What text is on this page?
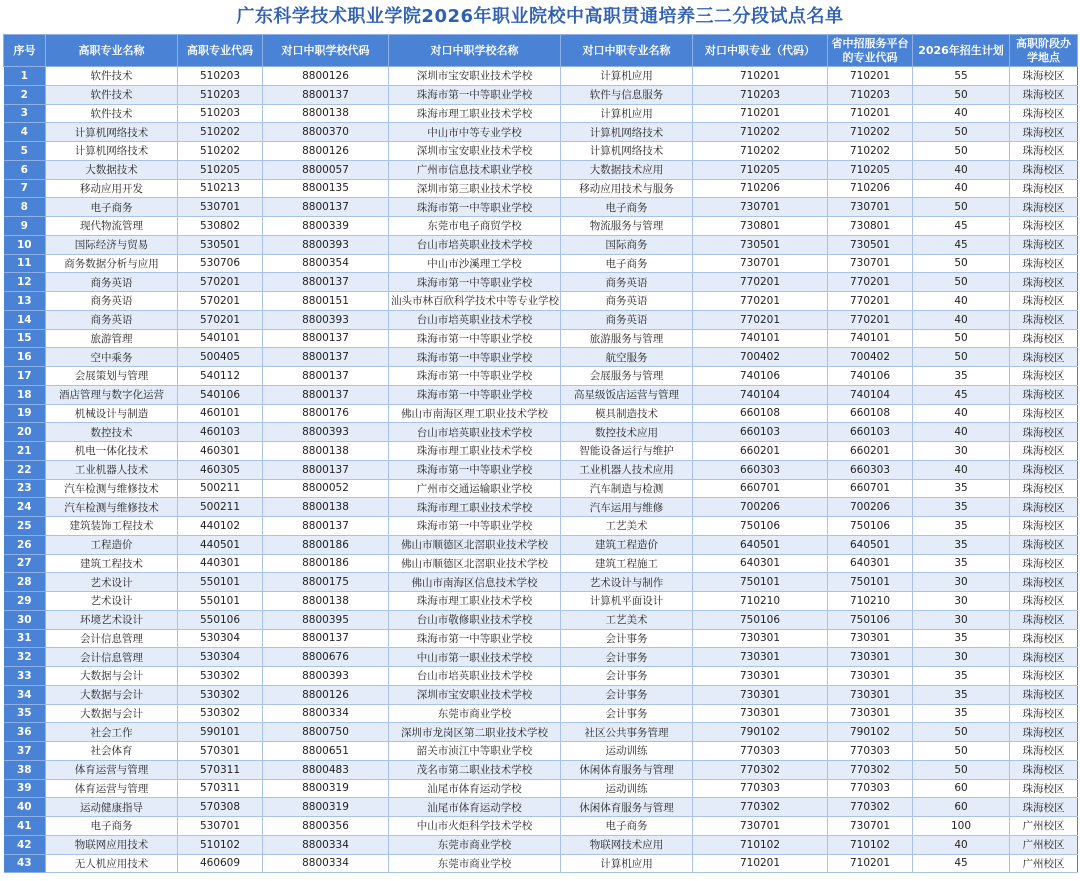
广东科学技术职业学院2026年职业院校中高职贯通培养三二分段试点名单
序号	高职专业名称	高职专业代码	对口中职学校代码	对口中职学校名称	对口中职专业名称	对口中职专业（代码）	省中招服务平台的专业代码	2026年招生计划	高职阶段办学地点
1	软件技术	510203	8800126	深圳市宝安职业技术学校	计算机应用	710201	710201	55	珠海校区
2	软件技术	510203	8800137	珠海市第一中等职业学校	软件与信息服务	710203	710203	50	珠海校区
3	软件技术	510203	8800138	珠海市理工职业技术学校	计算机应用	710201	710201	40	珠海校区
4	计算机网络技术	510202	8800370	中山市中等专业学校	计算机网络技术	710202	710202	50	珠海校区
5	计算机网络技术	510202	8800126	深圳市宝安职业技术学校	计算机网络技术	710202	710202	50	珠海校区
6	大数据技术	510205	8800057	广州市信息技术职业学校	大数据技术应用	710205	710205	40	珠海校区
7	移动应用开发	510213	8800135	深圳市第三职业技术学校	移动应用技术与服务	710206	710206	40	珠海校区
8	电子商务	530701	8800137	珠海市第一中等职业学校	电子商务	730701	730701	50	珠海校区
9	现代物流管理	530802	8800339	东莞市电子商贸学校	物流服务与管理	730801	730801	45	珠海校区
10	国际经济与贸易	530501	8800393	台山市培英职业技术学校	国际商务	730501	730501	45	珠海校区
11	商务数据分析与应用	530706	8800354	中山市沙溪理工学校	电子商务	730701	730701	50	珠海校区
12	商务英语	570201	8800137	珠海市第一中等职业学校	商务英语	770201	770201	50	珠海校区
13	商务英语	570201	8800151	汕头市林百欣科学技术中等专业学校	商务英语	770201	770201	40	珠海校区
14	商务英语	570201	8800393	台山市培英职业技术学校	商务英语	770201	770201	40	珠海校区
15	旅游管理	540101	8800137	珠海市第一中等职业学校	旅游服务与管理	740101	740101	50	珠海校区
16	空中乘务	500405	8800137	珠海市第一中等职业学校	航空服务	700402	700402	50	珠海校区
17	会展策划与管理	540112	8800137	珠海市第一中等职业学校	会展服务与管理	740106	740106	35	珠海校区
18	酒店管理与数字化运营	540106	8800137	珠海市第一中等职业学校	高星级饭店运营与管理	740104	740104	45	珠海校区
19	机械设计与制造	460101	8800176	佛山市南海区理工职业技术学校	模具制造技术	660108	660108	40	珠海校区
20	数控技术	460103	8800393	台山市培英职业技术学校	数控技术应用	660103	660103	40	珠海校区
21	机电一体化技术	460301	8800138	珠海市理工职业技术学校	智能设备运行与维护	660201	660201	30	珠海校区
22	工业机器人技术	460305	8800137	珠海市第一中等职业学校	工业机器人技术应用	660303	660303	40	珠海校区
23	汽车检测与维修技术	500211	8800052	广州市交通运输职业学校	汽车制造与检测	660701	660701	35	珠海校区
24	汽车检测与维修技术	500211	8800138	珠海市理工职业技术学校	汽车运用与维修	700206	700206	35	珠海校区
25	建筑装饰工程技术	440102	8800137	珠海市第一中等职业学校	工艺美术	750106	750106	35	珠海校区
26	工程造价	440501	8800186	佛山市顺德区北滘职业技术学校	建筑工程造价	640501	640501	35	珠海校区
27	建筑工程技术	440301	8800186	佛山市顺德区北滘职业技术学校	建筑工程施工	640301	640301	35	珠海校区
28	艺术设计	550101	8800175	佛山市南海区信息技术学校	艺术设计与制作	750101	750101	30	珠海校区
29	艺术设计	550101	8800138	珠海市理工职业技术学校	计算机平面设计	710210	710210	30	珠海校区
30	环境艺术设计	550106	8800395	台山市敬修职业技术学校	工艺美术	750106	750106	30	珠海校区
31	会计信息管理	530304	8800137	珠海市第一中等职业学校	会计事务	730301	730301	35	珠海校区
32	会计信息管理	530304	8800676	中山市第一职业技术学校	会计事务	730301	730301	30	珠海校区
33	大数据与会计	530302	8800393	台山市培英职业技术学校	会计事务	730301	730301	35	珠海校区
34	大数据与会计	530302	8800126	深圳市宝安职业技术学校	会计事务	730301	730301	35	珠海校区
35	大数据与会计	530302	8800334	东莞市商业学校	会计事务	730301	730301	35	珠海校区
36	社会工作	590101	8800750	深圳市龙岗区第二职业技术学校	社区公共事务管理	790102	790102	50	珠海校区
37	社会体育	570301	8800651	韶关市浈江中等职业学校	运动训练	770303	770303	50	珠海校区
38	体育运营与管理	570311	8800483	茂名市第二职业技术学校	休闲体育服务与管理	770302	770302	50	珠海校区
39	体育运营与管理	570311	8800319	汕尾市体育运动学校	运动训练	770303	770303	60	珠海校区
40	运动健康指导	570308	8800319	汕尾市体育运动学校	休闲体育服务与管理	770302	770302	60	珠海校区
41	电子商务	530701	8800356	中山市火炬科学技术学校	电子商务	730701	730701	100	广州校区
42	物联网应用技术	510102	8800334	东莞市商业学校	物联网技术应用	710102	710102	40	广州校区
43	无人机应用技术	460609	8800334	东莞市商业学校	计算机应用	710201	710201	45	广州校区
